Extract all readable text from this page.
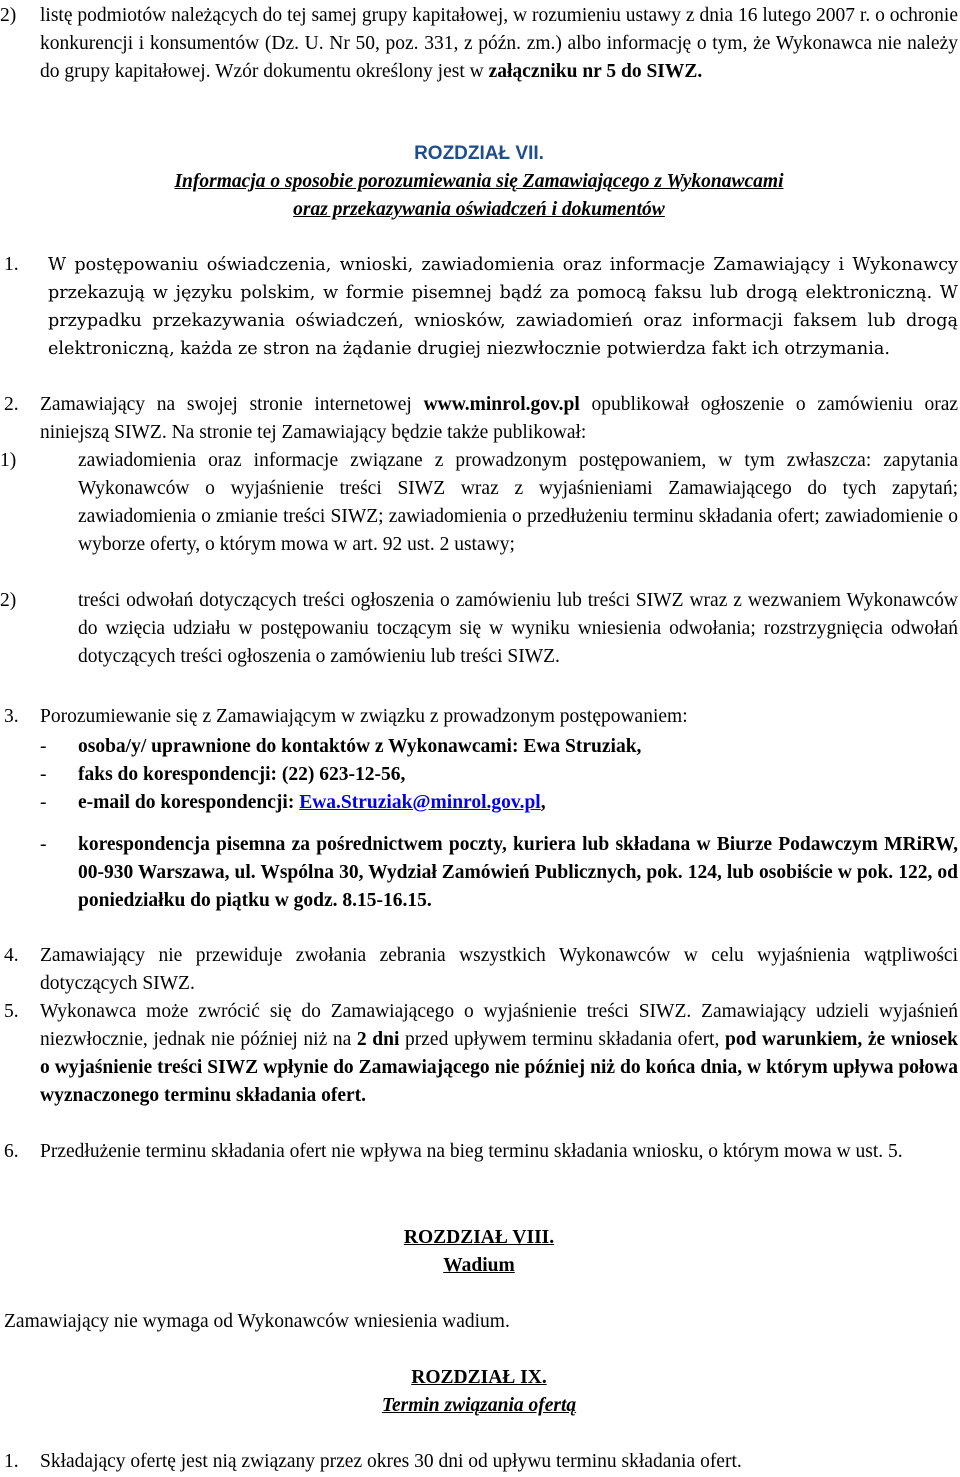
2)	listę podmiotów należących do tej samej grupy kapitałowej, w rozumieniu ustawy z dnia 16 lutego 2007 r. o ochronie konkurencji i konsumentów (Dz. U. Nr 50, poz. 331, z późn. zm.) albo informację o tym, że Wykonawca nie należy do grupy kapitałowej. Wzór dokumentu określony jest w załączniku nr 5 do SIWZ.

ROZDZIAŁ VII.

Informacja o sposobie porozumiewania się Zamawiającego z Wykonawcami

oraz przekazywania oświadczeń i dokumentów

1.	W postępowaniu oświadczenia, wnioski, zawiadomienia oraz informacje Zamawiający i Wykonawcy przekazują w języku polskim, w formie pisemnej bądź za pomocą faksu lub drogą elektroniczną. W przypadku przekazywania oświadczeń, wniosków, zawiadomień oraz informacji faksem lub drogą elektroniczną, każda ze stron na żądanie drugiej niezwłocznie potwierdza fakt ich otrzymania.

2.	Zamawiający na swojej stronie internetowej www.minrol.gov.pl opublikował ogłoszenie o zamówieniu oraz niniejszą SIWZ. Na stronie tej Zamawiający będzie także publikował:

1)	zawiadomienia oraz informacje związane z prowadzonym postępowaniem, w tym zwłaszcza: zapytania Wykonawców o wyjaśnienie treści SIWZ wraz z wyjaśnieniami Zamawiającego do tych zapytań; zawiadomienia o zmianie treści SIWZ; zawiadomienia o przedłużeniu terminu składania ofert; zawiadomienie o wyborze oferty, o którym mowa w art. 92 ust. 2 ustawy;

2)	treści odwołań dotyczących treści ogłoszenia o zamówieniu lub treści SIWZ wraz z wezwaniem Wykonawców do wzięcia udziału w postępowaniu toczącym się w wyniku wniesienia odwołania; rozstrzygnięcia odwołań dotyczących treści ogłoszenia o zamówieniu lub treści SIWZ.

3.	Porozumiewanie się z Zamawiającym w związku z prowadzonym postępowaniem:

-	osoba/y/ uprawnione do kontaktów z Wykonawcami: Ewa Struziak,

-	faks do korespondencji: (22) 623-12-56,

-	e-mail do korespondencji: Ewa.Struziak@minrol.gov.pl,

-	korespondencja pisemna za pośrednictwem poczty, kuriera lub składana w Biurze Podawczym MRiRW, 00-930 Warszawa, ul. Wspólna 30, Wydział Zamówień Publicznych, pok. 124, lub osobiście w pok. 122, od poniedziałku do piątku w godz. 8.15-16.15.

4.	Zamawiający nie przewiduje zwołania zebrania wszystkich Wykonawców w celu wyjaśnienia wątpliwości dotyczących SIWZ.

5.	Wykonawca może zwrócić się do Zamawiającego o wyjaśnienie treści SIWZ. Zamawiający udzieli wyjaśnień niezwłocznie, jednak nie później niż na 2 dni przed upływem terminu składania ofert, pod warunkiem, że wniosek o wyjaśnienie treści SIWZ wpłynie do Zamawiającego nie później niż do końca dnia, w którym upływa połowa wyznaczonego terminu składania ofert.

6.	Przedłużenie terminu składania ofert nie wpływa na bieg terminu składania wniosku, o którym mowa w ust. 5.

ROZDZIAŁ VIII.

Wadium

Zamawiający nie wymaga od Wykonawców wniesienia wadium.

ROZDZIAŁ IX.

Termin związania ofertą

1.	Składający ofertę jest nią związany przez okres 30 dni od upływu terminu składania ofert.
